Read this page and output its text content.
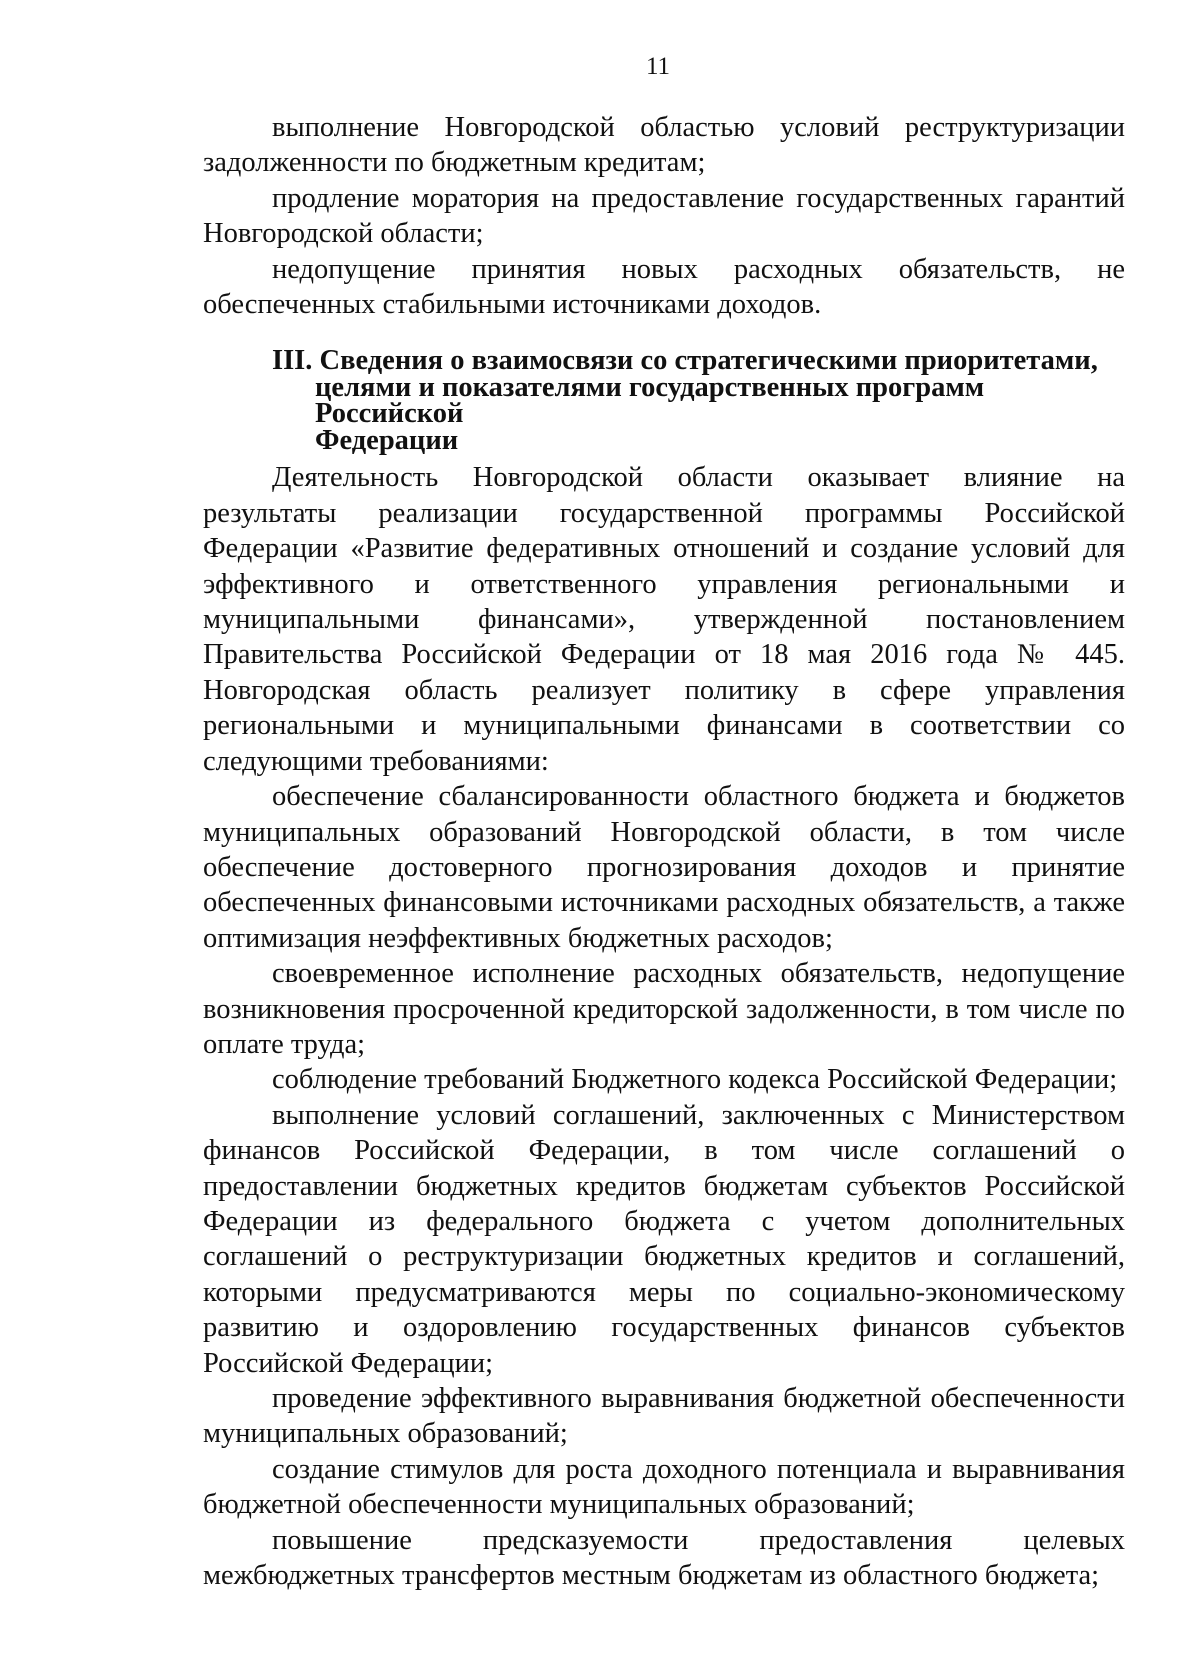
11

выполнение Новгородской областью условий реструктуризации задолженности по бюджетным кредитам;

продление моратория на предоставление государственных гарантий Новгородской области;

недопущение принятия новых расходных обязательств, не обеспеченных стабильными источниками доходов.

III. Сведения о взаимосвязи со стратегическими приоритетами,
целями и показателями государственных программ Российской
Федерации

Деятельность Новгородской области оказывает влияние на результаты реализации государственной программы Российской Федерации «Развитие федеративных отношений и создание условий для эффективного и ответственного управления региональными и муниципальными финансами», утвержденной постановлением Правительства Российской Федерации от 18 мая 2016 года № 445. Новгородская область реализует политику в сфере управления региональными и муниципальными финансами в соответствии со следующими требованиями:

обеспечение сбалансированности областного бюджета и бюджетов муниципальных образований Новгородской области, в том числе обеспечение достоверного прогнозирования доходов и принятие обеспеченных финансовыми источниками расходных обязательств, а также оптимизация неэффективных бюджетных расходов;

своевременное исполнение расходных обязательств, недопущение возникновения просроченной кредиторской задолженности, в том числе по оплате труда;

соблюдение требований Бюджетного кодекса Российской Федерации;

выполнение условий соглашений, заключенных с Министерством финансов Российской Федерации, в том числе соглашений о предоставлении бюджетных кредитов бюджетам субъектов Российской Федерации из федерального бюджета с учетом дополнительных соглашений о реструктуризации бюджетных кредитов и соглашений, которыми предусматриваются меры по социально-экономическому развитию и оздоровлению государственных финансов субъектов Российской Федерации;

проведение эффективного выравнивания бюджетной обеспеченности муниципальных образований;

создание стимулов для роста доходного потенциала и выравнивания бюджетной обеспеченности муниципальных образований;

повышение предсказуемости предоставления целевых межбюджетных трансфертов местным бюджетам из областного бюджета;
